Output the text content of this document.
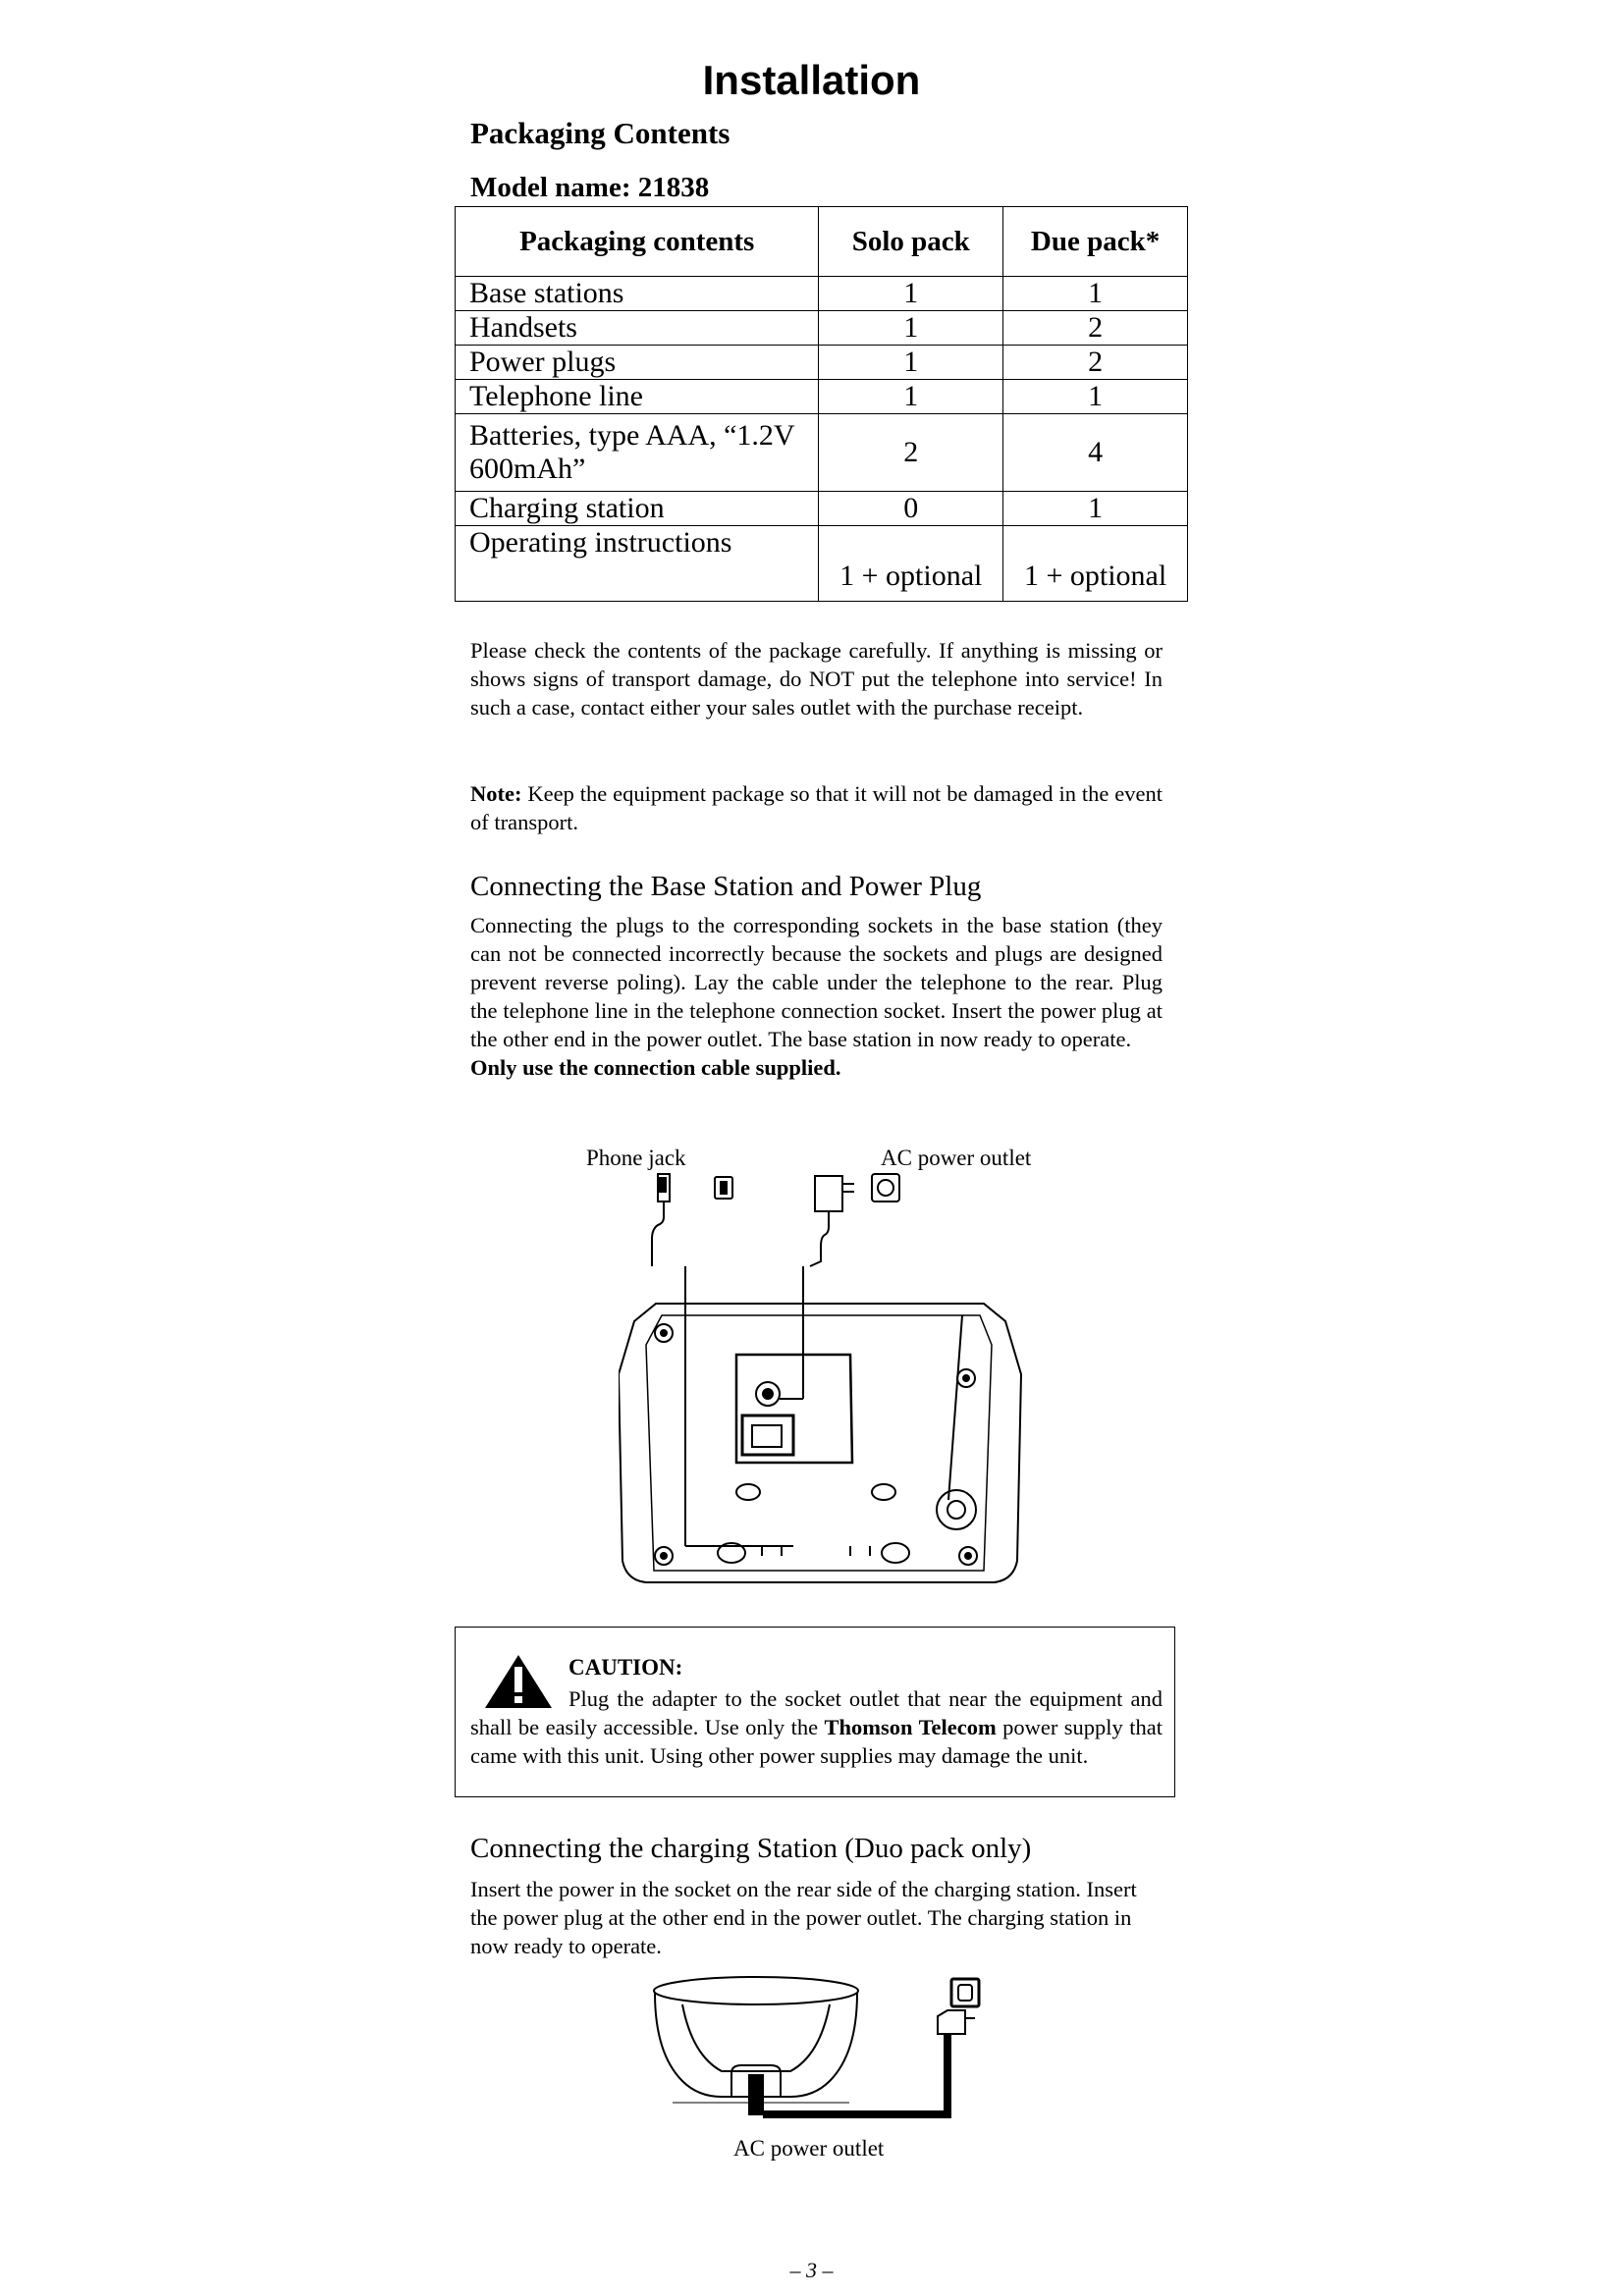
Installation
Packaging Contents
Model name: 21838
Packaging contents	Solo pack	Due pack*
Base stations	1	1
Handsets	1	2
Power plugs	1	2
Telephone line	1	1
Batteries, type AAA, “1.2V 600mAh”	2	4
Charging station	0	1
Operating instructions	1 + optional	1 + optional
Please check the contents of the package carefully. If anything is missing or shows signs of transport damage, do NOT put the telephone into service! In such a case, contact either your sales outlet with the purchase receipt.
Note: Keep the equipment package so that it will not be damaged in the event of transport.
Connecting the Base Station and Power Plug
Connecting the plugs to the corresponding sockets in the base station (they can not be connected incorrectly because the sockets and plugs are designed prevent reverse poling). Lay the cable under the telephone to the rear. Plug the telephone line in the telephone connection socket. Insert the power plug at the other end in the power outlet. The base station in now ready to operate.
Only use the connection cable supplied.
Phone jack	AC power outlet
CAUTION:
Plug the adapter to the socket outlet that near the equipment and shall be easily accessible. Use only the Thomson Telecom power supply that came with this unit. Using other power supplies may damage the unit.
Connecting the charging Station (Duo pack only)
Insert the power in the socket on the rear side of the charging station. Insert the power plug at the other end in the power outlet. The charging station in now ready to operate.
AC power outlet
– 3 –
